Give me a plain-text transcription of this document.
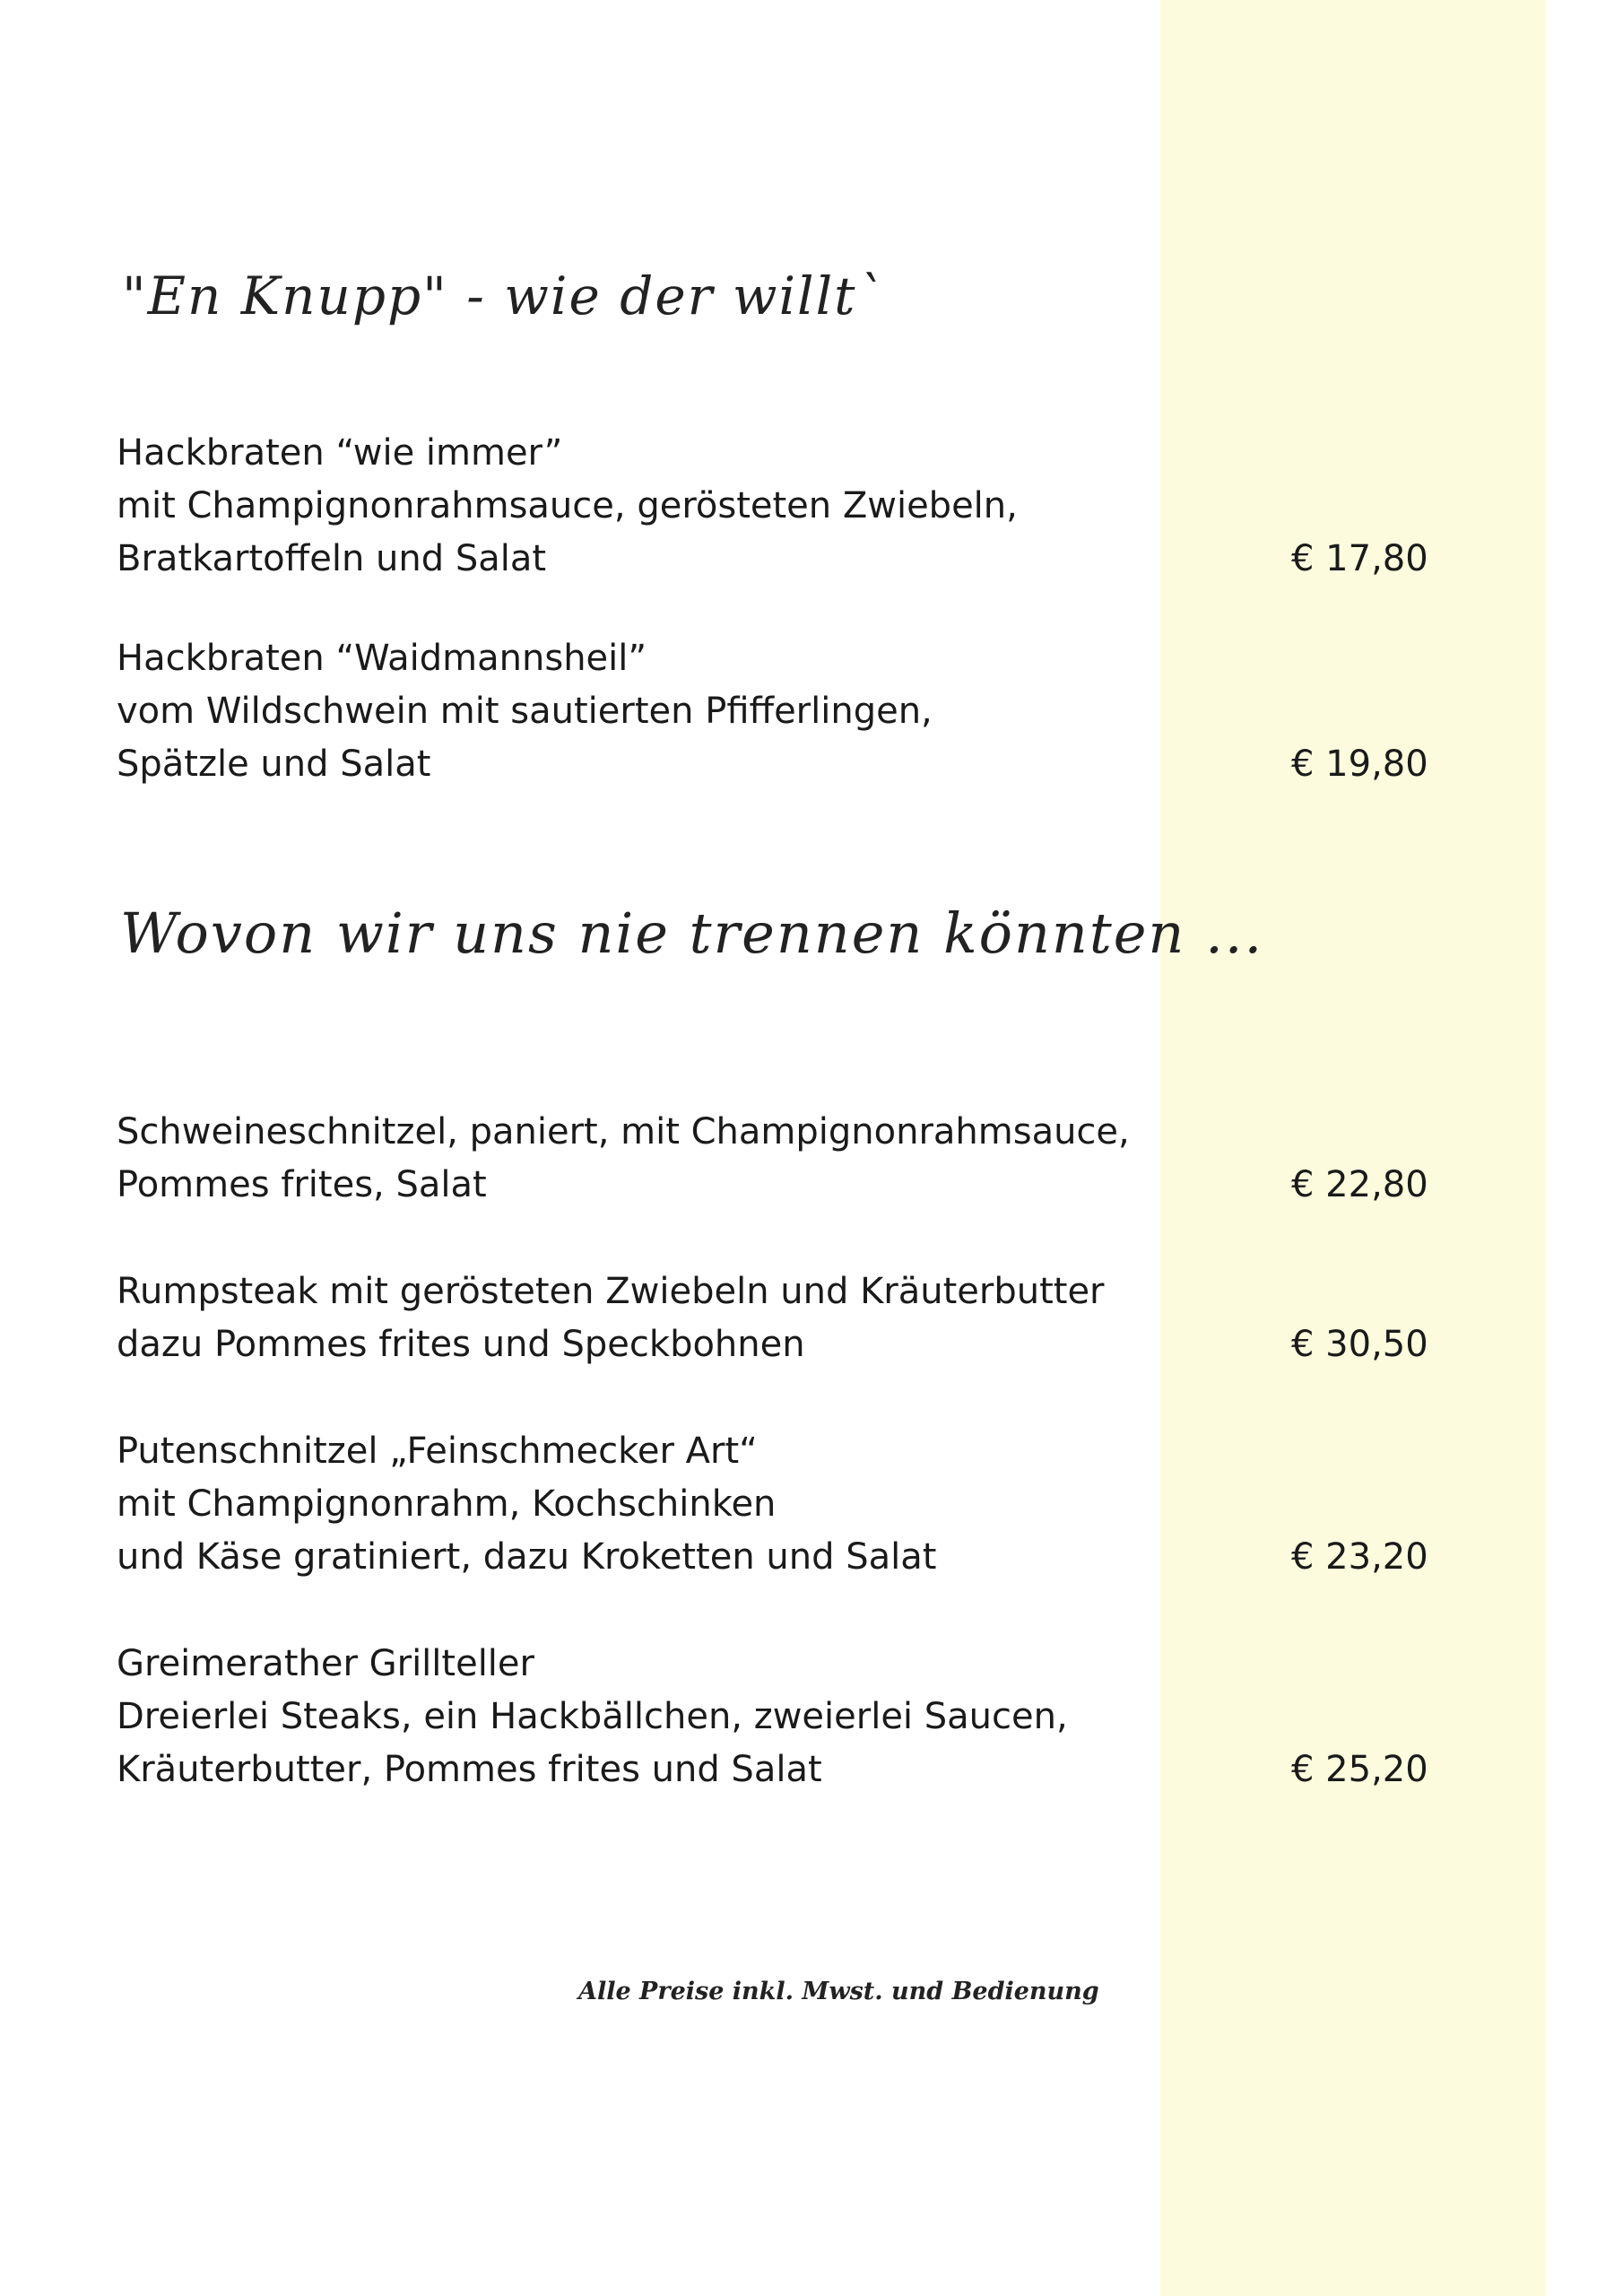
"En Knupp" - wie der willt`
Hackbraten “wie immer”
mit Champignonrahmsauce, gerösteten Zwiebeln,
Bratkartoffeln und Salat	€ 17,80
Hackbraten “Waidmannsheil”
vom Wildschwein mit sautierten Pfifferlingen,
Spätzle und Salat	€ 19,80
Wovon wir uns nie trennen könnten ...
Schweineschnitzel, paniert, mit Champignonrahmsauce,
Pommes frites, Salat	€ 22,80
Rumpsteak mit gerösteten Zwiebeln und Kräuterbutter
dazu Pommes frites und Speckbohnen	€ 30,50
Putenschnitzel „Feinschmecker Art“
mit Champignonrahm, Kochschinken
und Käse gratiniert, dazu Kroketten und Salat	€ 23,20
Greimerather Grillteller
Dreierlei Steaks, ein Hackbällchen, zweierlei Saucen,
Kräuterbutter, Pommes frites und Salat	€ 25,20
Alle Preise inkl. Mwst. und Bedienung
